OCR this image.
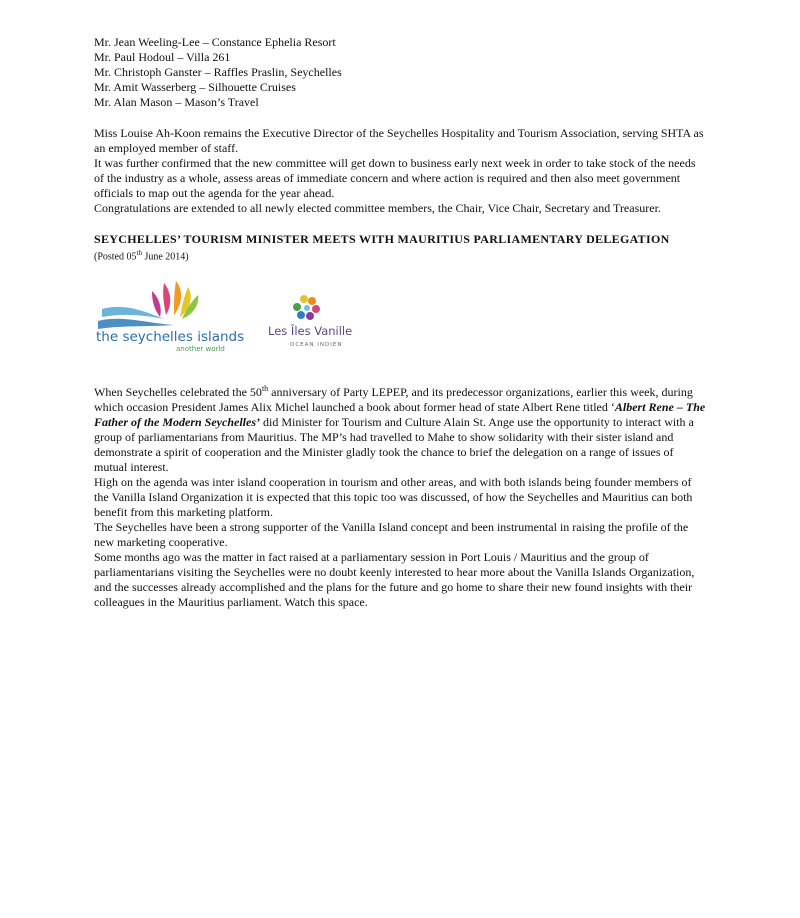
Mr. Jean Weeling-Lee – Constance Ephelia Resort

Mr. Paul Hodoul – Villa 261

Mr. Christoph Ganster – Raffles Praslin, Seychelles

Mr. Amit Wasserberg – Silhouette Cruises

Mr. Alan Mason – Mason’s Travel

Miss Louise Ah-Koon remains the Executive Director of the Seychelles Hospitality and Tourism Association, serving SHTA as an employed member of staff.

It was further confirmed that the new committee will get down to business early next week in order to take stock of the needs of the industry as a whole, assess areas of immediate concern and where action is required and then also meet government officials to map out the agenda for the year ahead.

Congratulations are extended to all newly elected committee members, the Chair, Vice Chair, Secretary and Treasurer.

SEYCHELLES’ TOURISM MINISTER MEETS WITH MAURITIUS PARLIAMENTARY DELEGATION

(Posted 05th June 2014)

the seychelles islands
another world
Les Îles Vanille
OCEAN INDIEN

When Seychelles celebrated the 50th anniversary of Party LEPEP, and its predecessor organizations, earlier this week, during which occasion President James Alix Michel launched a book about former head of state Albert Rene titled ‘Albert Rene – The Father of the Modern Seychelles’ did Minister for Tourism and Culture Alain St. Ange use the opportunity to interact with a group of parliamentarians from Mauritius. The MP’s had travelled to Mahe to show solidarity with their sister island and demonstrate a spirit of cooperation and the Minister gladly took the chance to brief the delegation on a range of issues of mutual interest.

High on the agenda was inter island cooperation in tourism and other areas, and with both islands being founder members of the Vanilla Island Organization it is expected that this topic too was discussed, of how the Seychelles and Mauritius can both benefit from this marketing platform.

The Seychelles have been a strong supporter of the Vanilla Island concept and been instrumental in raising the profile of the new marketing cooperative.

Some months ago was the matter in fact raised at a parliamentary session in Port Louis / Mauritius and the group of parliamentarians visiting the Seychelles were no doubt keenly interested to hear more about the Vanilla Islands Organization, and the successes already accomplished and the plans for the future and go home to share their new found insights with their colleagues in the Mauritius parliament. Watch this space.
